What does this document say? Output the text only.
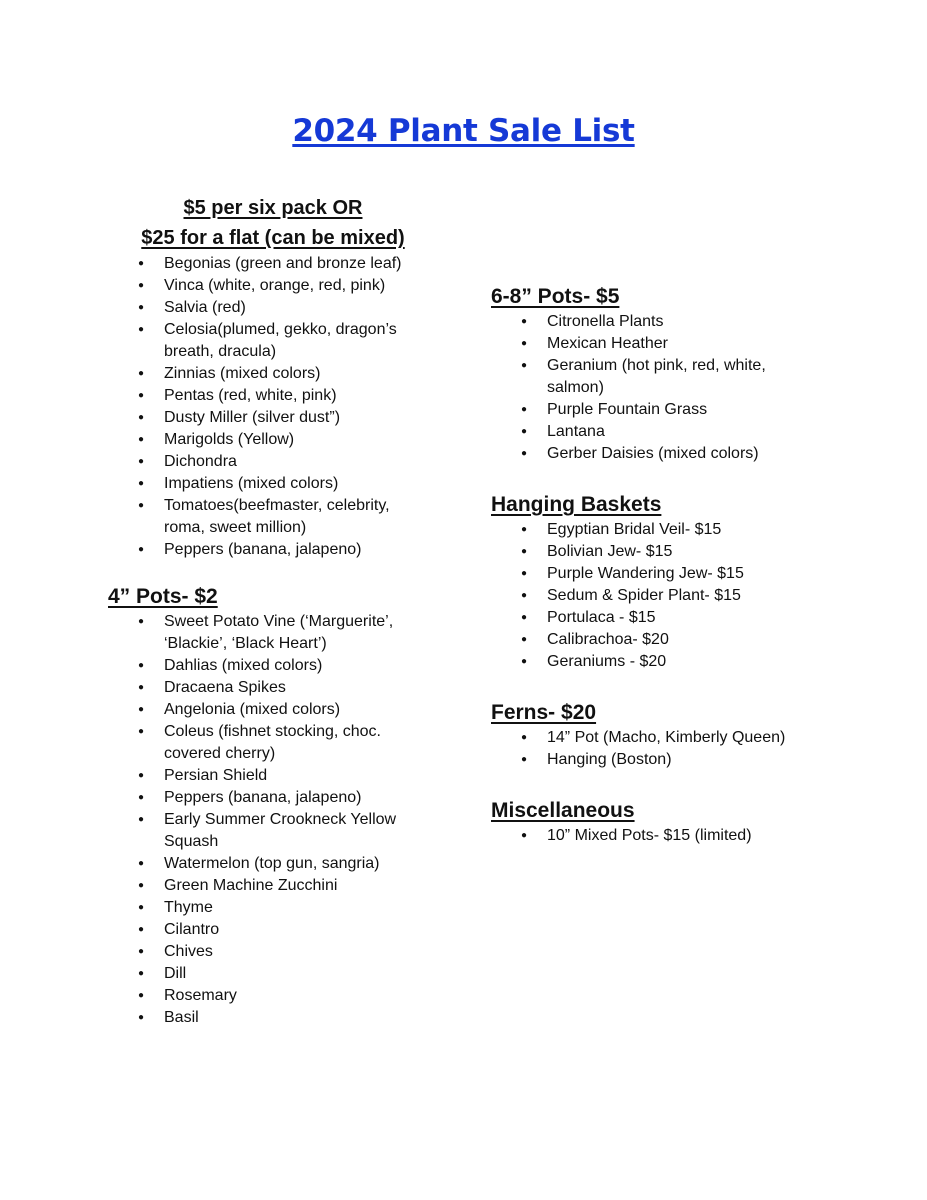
2024 Plant Sale List
$5 per six pack OR
$25 for a flat (can be mixed)
● Begonias (green and bronze leaf)
● Vinca (white, orange, red, pink)
● Salvia (red)
● Celosia(plumed, gekko, dragon’s
breath, dracula)
● Zinnias (mixed colors)
● Pentas (red, white, pink)
● Dusty Miller (silver dust”)
● Marigolds (Yellow)
● Dichondra
● Impatiens (mixed colors)
● Tomatoes(beefmaster, celebrity,
roma, sweet million)
● Peppers (banana, jalapeno)
4” Pots- $2
● Sweet Potato Vine (‘Marguerite’,
‘Blackie’, ‘Black Heart’)
● Dahlias (mixed colors)
● Dracaena Spikes
● Angelonia (mixed colors)
● Coleus (fishnet stocking, choc.
covered cherry)
● Persian Shield
● Peppers (banana, jalapeno)
● Early Summer Crookneck Yellow
Squash
● Watermelon (top gun, sangria)
● Green Machine Zucchini
● Thyme
● Cilantro
● Chives
● Dill
● Rosemary
● Basil
6-8” Pots- $5
● Citronella Plants
● Mexican Heather
● Geranium (hot pink, red, white,
salmon)
● Purple Fountain Grass
● Lantana
● Gerber Daisies (mixed colors)
Hanging Baskets
● Egyptian Bridal Veil- $15
● Bolivian Jew- $15
● Purple Wandering Jew- $15
● Sedum & Spider Plant- $15
● Portulaca - $15
● Calibrachoa- $20
● Geraniums - $20
Ferns- $20
● 14” Pot (Macho, Kimberly Queen)
● Hanging (Boston)
Miscellaneous
● 10” Mixed Pots- $15 (limited)
